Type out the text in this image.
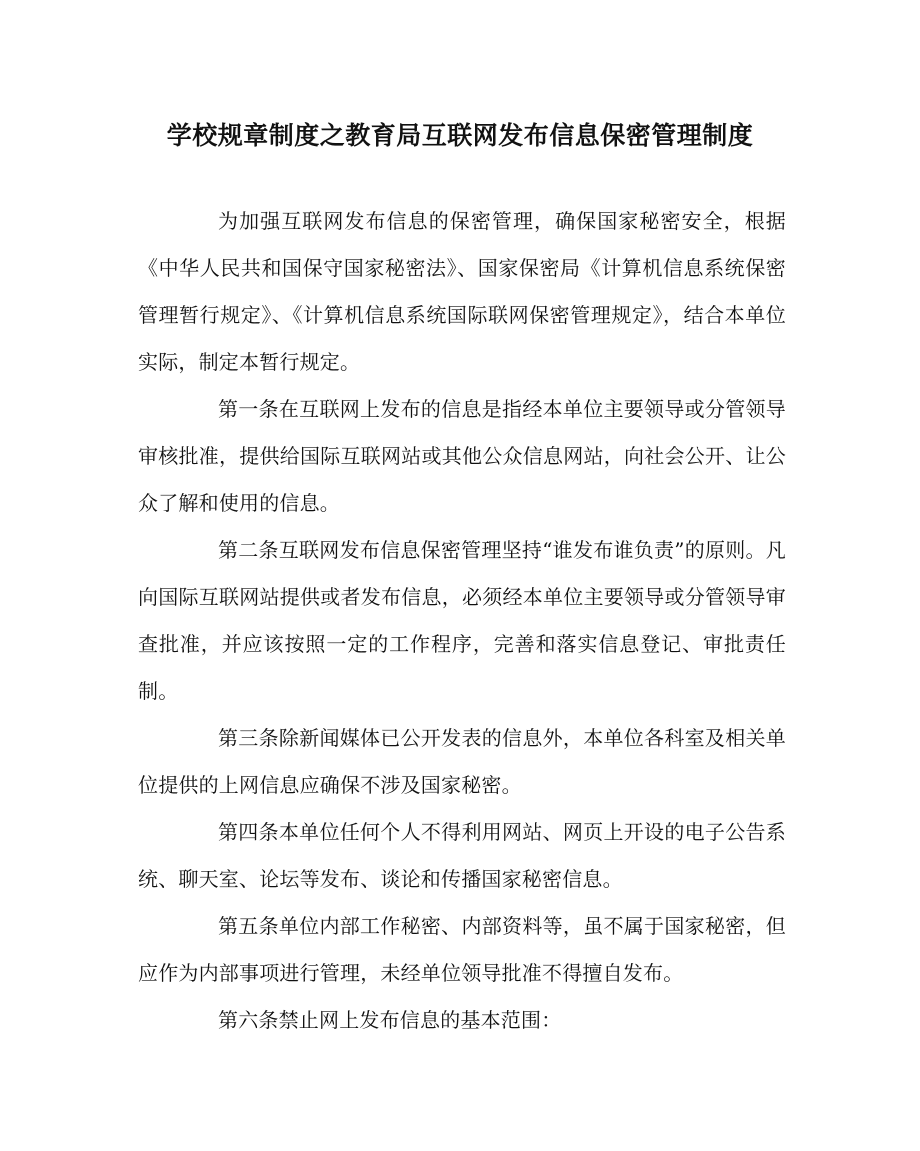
学校规章制度之教育局互联网发布信息保密管理制度

为加强互联网发布信息的保密管理，确保国家秘密安全，根据《中华人民共和国保守国家秘密法》、国家保密局《计算机信息系统保密管理暂行规定》、《计算机信息系统国际联网保密管理规定》，结合本单位实际，制定本暂行规定。

第一条在互联网上发布的信息是指经本单位主要领导或分管领导审核批准，提供给国际互联网站或其他公众信息网站，向社会公开、让公众了解和使用的信息。

第二条互联网发布信息保密管理坚持“谁发布谁负责”的原则。凡向国际互联网站提供或者发布信息，必须经本单位主要领导或分管领导审查批准，并应该按照一定的工作程序，完善和落实信息登记、审批责任制。

第三条除新闻媒体已公开发表的信息外，本单位各科室及相关单位提供的上网信息应确保不涉及国家秘密。

第四条本单位任何个人不得利用网站、网页上开设的电子公告系统、聊天室、论坛等发布、谈论和传播国家秘密信息。

第五条单位内部工作秘密、内部资料等，虽不属于国家秘密，但应作为内部事项进行管理，未经单位领导批准不得擅自发布。

第六条禁止网上发布信息的基本范围：
